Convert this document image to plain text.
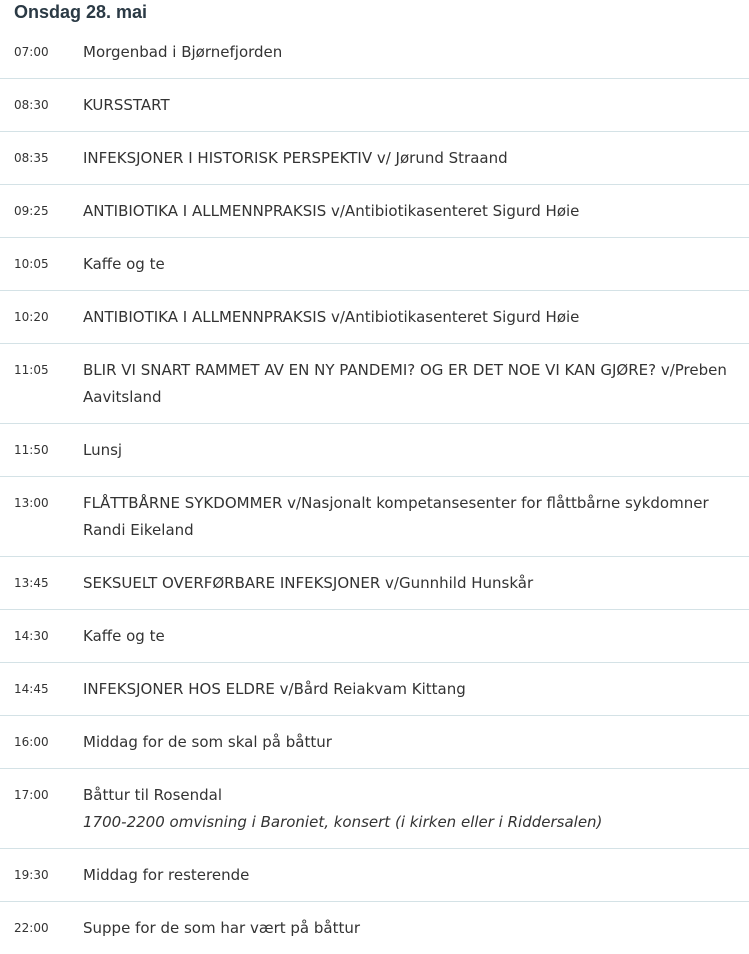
Onsdag 28. mai
07:00	Morgenbad i Bjørnefjorden
08:30	KURSSTART
08:35	INFEKSJONER I HISTORISK PERSPEKTIV v/ Jørund Straand
09:25	ANTIBIOTIKA I ALLMENNPRAKSIS v/Antibiotikasenteret Sigurd Høie
10:05	Kaffe og te
10:20	ANTIBIOTIKA I ALLMENNPRAKSIS v/Antibiotikasenteret Sigurd Høie
11:05	BLIR VI SNART RAMMET AV EN NY PANDEMI? OG ER DET NOE VI KAN GJØRE? v/Preben Aavitsland
11:50	Lunsj
13:00	FLÅTTBÅRNE SYKDOMMER v/Nasjonalt kompetansesenter for flåttbårne sykdomner Randi Eikeland
13:45	SEKSUELT OVERFØRBARE INFEKSJONER v/Gunnhild Hunskår
14:30	Kaffe og te
14:45	INFEKSJONER HOS ELDRE v/Bård Reiakvam Kittang
16:00	Middag for de som skal på båttur
17:00	Båttur til Rosendal
1700-2200 omvisning i Baroniet, konsert (i kirken eller i Riddersalen)
19:30	Middag for resterende
22:00	Suppe for de som har vært på båttur
